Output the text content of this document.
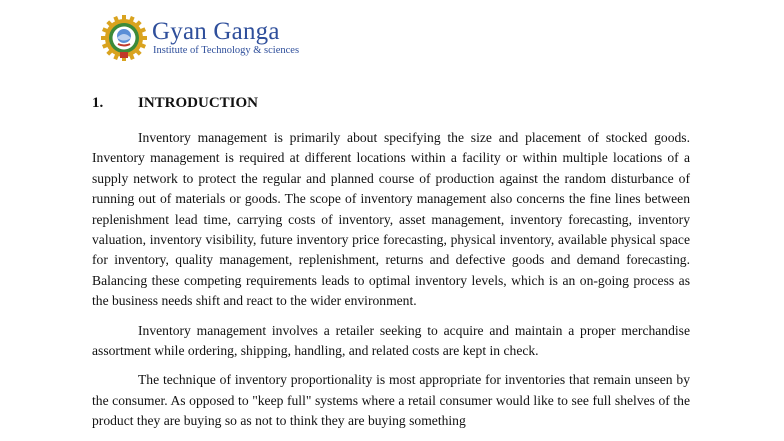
Gyan Ganga
Institute of Technology & sciences
1. INTRODUCTION

Inventory management is primarily about specifying the size and placement of stocked goods. Inventory management is required at different locations within a facility or within multiple locations of a supply network to protect the regular and planned course of production against the random disturbance of running out of materials or goods. The scope of inventory management also concerns the fine lines between replenishment lead time, carrying costs of inventory, asset management, inventory forecasting, inventory valuation, inventory visibility, future inventory price forecasting, physical inventory, available physical space for inventory, quality management, replenishment, returns and defective goods and demand forecasting. Balancing these competing requirements leads to optimal inventory levels, which is an on-going process as the business needs shift and react to the wider environment.

Inventory management involves a retailer seeking to acquire and maintain a proper merchandise assortment while ordering, shipping, handling, and related costs are kept in check.

The technique of inventory proportionality is most appropriate for inventories that remain unseen by the consumer. As opposed to "keep full" systems where a retail consumer would like to see full shelves of the product they are buying so as not to think they are buying something
